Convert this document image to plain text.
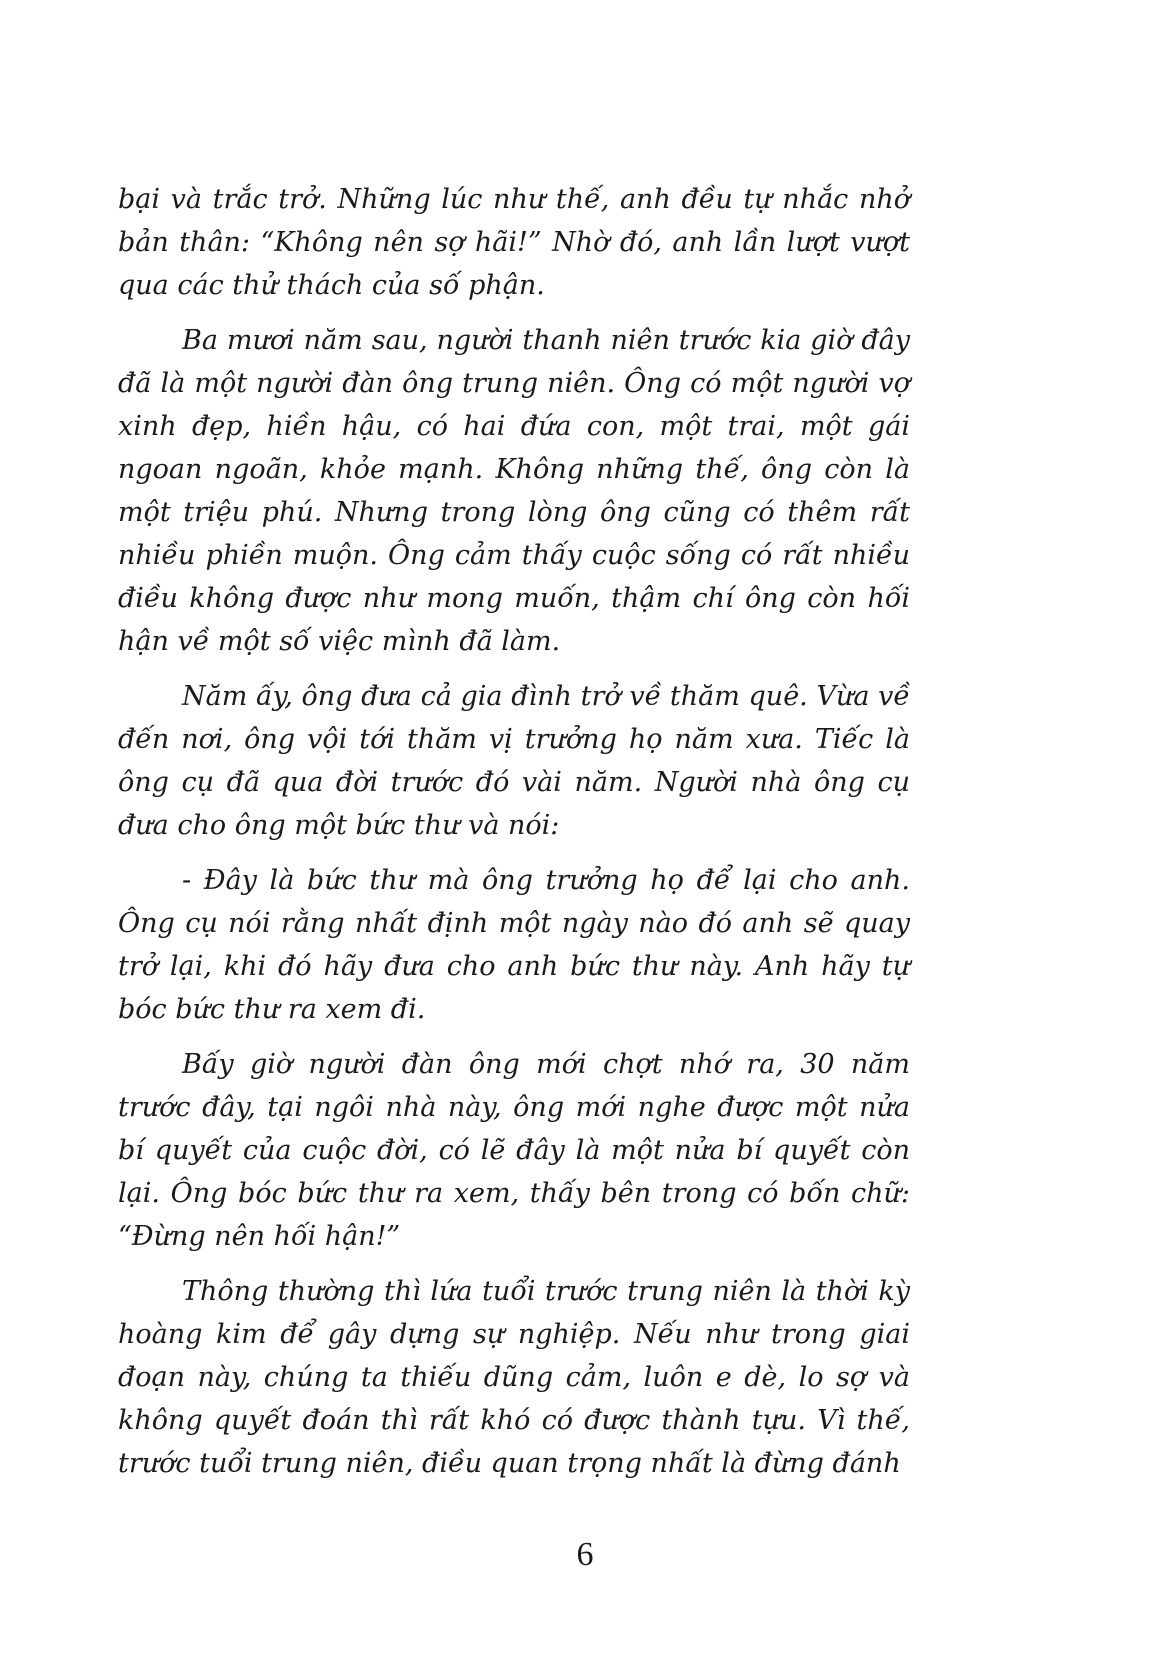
bại và trắc trở. Những lúc như thế, anh đều tự nhắc nhở bản thân: “Không nên sợ hãi!” Nhờ đó, anh lần lượt vượt qua các thử thách của số phận.

Ba mươi năm sau, người thanh niên trước kia giờ đây đã là một người đàn ông trung niên. Ông có một người vợ xinh đẹp, hiền hậu, có hai đứa con, một trai, một gái ngoan ngoãn, khỏe mạnh. Không những thế, ông còn là một triệu phú. Nhưng trong lòng ông cũng có thêm rất nhiều phiền muộn. Ông cảm thấy cuộc sống có rất nhiều điều không được như mong muốn, thậm chí ông còn hối hận về một số việc mình đã làm.

Năm ấy, ông đưa cả gia đình trở về thăm quê. Vừa về đến nơi, ông vội tới thăm vị trưởng họ năm xưa. Tiếc là ông cụ đã qua đời trước đó vài năm. Người nhà ông cụ đưa cho ông một bức thư và nói:

- Đây là bức thư mà ông trưởng họ để lại cho anh. Ông cụ nói rằng nhất định một ngày nào đó anh sẽ quay trở lại, khi đó hãy đưa cho anh bức thư này. Anh hãy tự bóc bức thư ra xem đi.

Bấy giờ người đàn ông mới chợt nhớ ra, 30 năm trước đây, tại ngôi nhà này, ông mới nghe được một nửa bí quyết của cuộc đời, có lẽ đây là một nửa bí quyết còn lại. Ông bóc bức thư ra xem, thấy bên trong có bốn chữ: “Đừng nên hối hận!”

Thông thường thì lứa tuổi trước trung niên là thời kỳ hoàng kim để gây dựng sự nghiệp. Nếu như trong giai đoạn này, chúng ta thiếu dũng cảm, luôn e dè, lo sợ và không quyết đoán thì rất khó có được thành tựu. Vì thế, trước tuổi trung niên, điều quan trọng nhất là đừng đánh

6
